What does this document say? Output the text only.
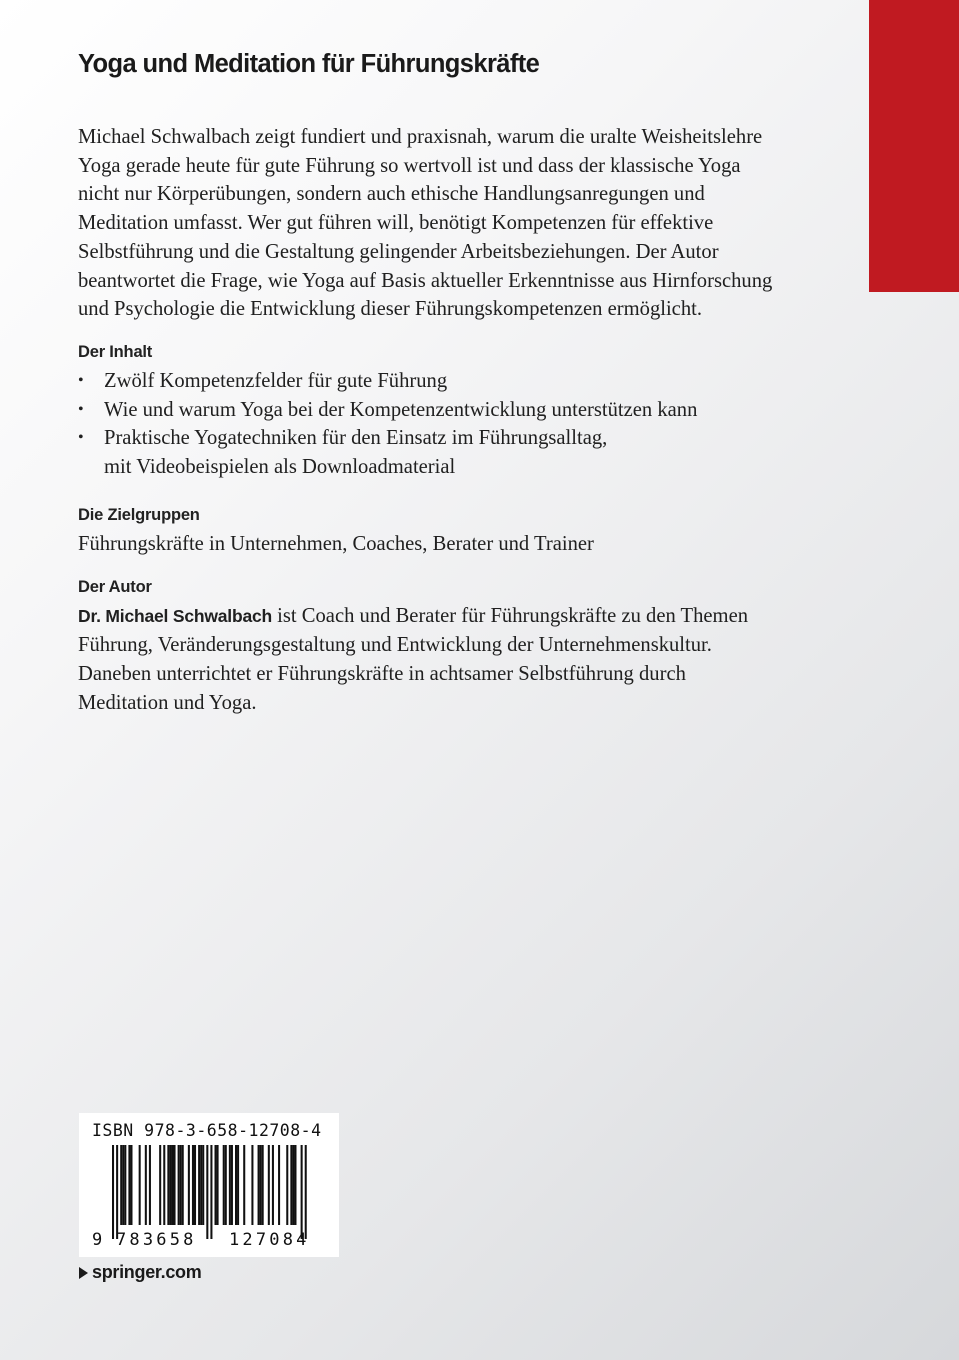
Yoga und Meditation für Führungskräfte

Michael Schwalbach zeigt fundiert und praxisnah, warum die uralte Weisheitslehre
Yoga gerade heute für gute Führung so wertvoll ist und dass der klassische Yoga
nicht nur Körperübungen, sondern auch ethische Handlungsanregungen und
Meditation umfasst. Wer gut führen will, benötigt Kompetenzen für effektive
Selbstführung und die Gestaltung gelingender Arbeitsbeziehungen. Der Autor
beantwortet die Frage, wie Yoga auf Basis aktueller Erkenntnisse aus Hirnforschung
und Psychologie die Entwicklung dieser Führungskompetenzen ermöglicht.

Der Inhalt
• Zwölf Kompetenzfelder für gute Führung
• Wie und warum Yoga bei der Kompetenzentwicklung unterstützen kann
• Praktische Yogatechniken für den Einsatz im Führungsalltag,
mit Videobeispielen als Downloadmaterial
Die Zielgruppen

Führungskräfte in Unternehmen, Coaches, Berater und Trainer

Der Autor

Dr. Michael Schwalbach ist Coach und Berater für Führungskräfte zu den Themen
Führung, Veränderungsgestaltung und Entwicklung der Unternehmenskultur.
Daneben unterrichtet er Führungskräfte in achtsamer Selbstführung durch
Meditation und Yoga.

ISBN 978-3-658-12708-4
9 783658 127084
springer.com
